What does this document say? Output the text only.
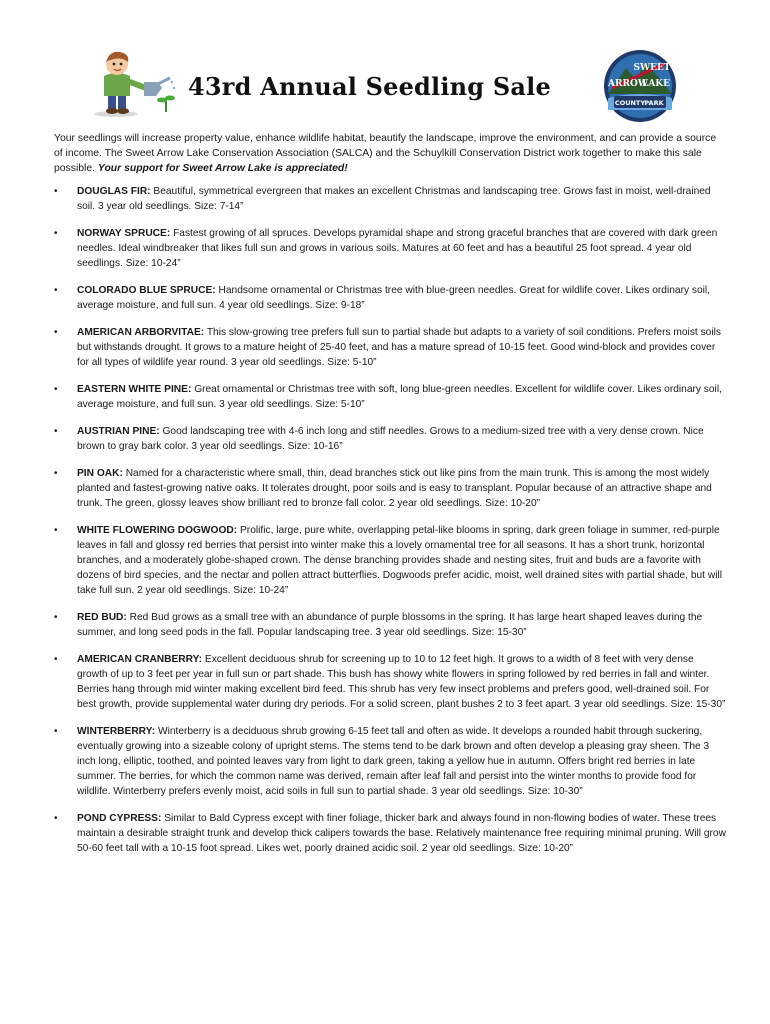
43rd Annual Seedling Sale
SWEET
ARROW
LAKE
COUNTY PARK

Your seedlings will increase property value, enhance wildlife habitat, beautify the landscape, improve the environment, and can provide a source of income. The Sweet Arrow Lake Conservation Association (SALCA) and the Schuylkill Conservation District work together to make this sale possible. Your support for Sweet Arrow Lake is appreciated!

• DOUGLAS FIR: Beautiful, symmetrical evergreen that makes an excellent Christmas and landscaping tree. Grows fast in moist, well-drained soil. 3 year old seedlings. Size: 7-14”
• NORWAY SPRUCE: Fastest growing of all spruces. Develops pyramidal shape and strong graceful branches that are covered with dark green needles. Ideal windbreaker that likes full sun and grows in various soils. Matures at 60 feet and has a beautiful 25 foot spread. 4 year old seedlings. Size: 10-24”
• COLORADO BLUE SPRUCE: Handsome ornamental or Christmas tree with blue-green needles. Great for wildlife cover. Likes ordinary soil, average moisture, and full sun. 4 year old seedlings. Size: 9-18”
• AMERICAN ARBORVITAE: This slow-growing tree prefers full sun to partial shade but adapts to a variety of soil conditions. Prefers moist soils but withstands drought. It grows to a mature height of 25-40 feet, and has a mature spread of 10-15 feet. Good wind-block and provides cover for all types of wildlife year round. 3 year old seedlings. Size: 5-10”
• EASTERN WHITE PINE: Great ornamental or Christmas tree with soft, long blue-green needles. Excellent for wildlife cover. Likes ordinary soil, average moisture, and full sun. 3 year old seedlings. Size: 5-10”
• AUSTRIAN PINE: Good landscaping tree with 4-6 inch long and stiff needles. Grows to a medium-sized tree with a very dense crown. Nice brown to gray bark color. 3 year old seedlings. Size: 10-16”
• PIN OAK: Named for a characteristic where small, thin, dead branches stick out like pins from the main trunk. This is among the most widely planted and fastest-growing native oaks. It tolerates drought, poor soils and is easy to transplant. Popular because of an attractive shape and trunk. The green, glossy leaves show brilliant red to bronze fall color. 2 year old seedlings. Size: 10-20”
• WHITE FLOWERING DOGWOOD: Prolific, large, pure white, overlapping petal-like blooms in spring, dark green foliage in summer, red-purple leaves in fall and glossy red berries that persist into winter make this a lovely ornamental tree for all seasons. It has a short trunk, horizontal branches, and a moderately globe-shaped crown. The dense branching provides shade and nesting sites, fruit and buds are a favorite with dozens of bird species, and the nectar and pollen attract butterflies. Dogwoods prefer acidic, moist, well drained sites with partial shade, but will take full sun. 2 year old seedlings. Size: 10-24”
• RED BUD: Red Bud grows as a small tree with an abundance of purple blossoms in the spring. It has large heart shaped leaves during the summer, and long seed pods in the fall. Popular landscaping tree. 3 year old seedlings. Size: 15-30”
• AMERICAN CRANBERRY: Excellent deciduous shrub for screening up to 10 to 12 feet high. It grows to a width of 8 feet with very dense growth of up to 3 feet per year in full sun or part shade. This bush has showy white flowers in spring followed by red berries in fall and winter. Berries hang through mid winter making excellent bird feed. This shrub has very few insect problems and prefers good, well-drained soil. For best growth, provide supplemental water during dry periods. For a solid screen, plant bushes 2 to 3 feet apart. 3 year old seedlings. Size: 15-30”
• WINTERBERRY: Winterberry is a deciduous shrub growing 6-15 feet tall and often as wide. It develops a rounded habit through suckering, eventually growing into a sizeable colony of upright stems. The stems tend to be dark brown and often develop a pleasing gray sheen. The 3 inch long, elliptic, toothed, and pointed leaves vary from light to dark green, taking a yellow hue in autumn. Offers bright red berries in late summer. The berries, for which the common name was derived, remain after leaf fall and persist into the winter months to provide food for wildlife. Winterberry prefers evenly moist, acid soils in full sun to partial shade. 3 year old seedlings. Size: 10-30”
• POND CYPRESS: Similar to Bald Cypress except with finer foliage, thicker bark and always found in non-flowing bodies of water. These trees maintain a desirable straight trunk and develop thick calipers towards the base. Relatively maintenance free requiring minimal pruning. Will grow 50-60 feet tall with a 10-15 foot spread. Likes wet, poorly drained acidic soil. 2 year old seedlings. Size: 10-20”
